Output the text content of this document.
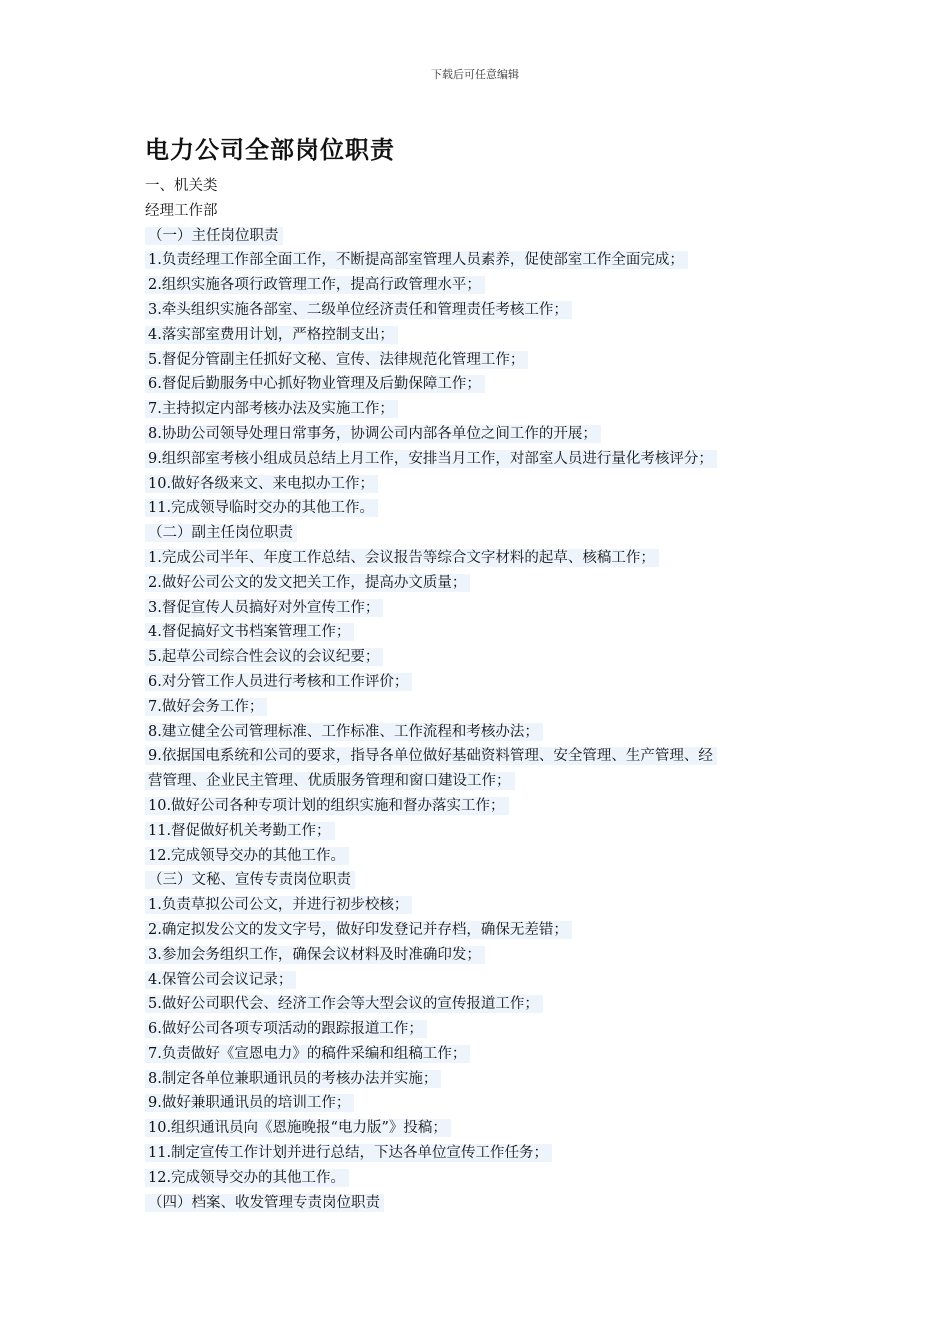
下载后可任意编辑
电力公司全部岗位职责
一、机关类
经理工作部
（一）主任岗位职责
1.负责经理工作部全面工作，不断提高部室管理人员素养，促使部室工作全面完成；
2.组织实施各项行政管理工作，提高行政管理水平；
3.牵头组织实施各部室、二级单位经济责任和管理责任考核工作；
4.落实部室费用计划，严格控制支出；
5.督促分管副主任抓好文秘、宣传、法律规范化管理工作；
6.督促后勤服务中心抓好物业管理及后勤保障工作；
7.主持拟定内部考核办法及实施工作；
8.协助公司领导处理日常事务，协调公司内部各单位之间工作的开展；
9.组织部室考核小组成员总结上月工作，安排当月工作，对部室人员进行量化考核评分；
10.做好各级来文、来电拟办工作；
11.完成领导临时交办的其他工作。
（二）副主任岗位职责
1.完成公司半年、年度工作总结、会议报告等综合文字材料的起草、核稿工作；
2.做好公司公文的发文把关工作，提高办文质量；
3.督促宣传人员搞好对外宣传工作；
4.督促搞好文书档案管理工作；
5.起草公司综合性会议的会议纪要；
6.对分管工作人员进行考核和工作评价；
7.做好会务工作；
8.建立健全公司管理标准、工作标准、工作流程和考核办法；
9.依据国电系统和公司的要求，指导各单位做好基础资料管理、安全管理、生产管理、经
营管理、企业民主管理、优质服务管理和窗口建设工作；
10.做好公司各种专项计划的组织实施和督办落实工作；
11.督促做好机关考勤工作；
12.完成领导交办的其他工作。
（三）文秘、宣传专责岗位职责
1.负责草拟公司公文，并进行初步校核；
2.确定拟发公文的发文字号，做好印发登记并存档，确保无差错；
3.参加会务组织工作，确保会议材料及时准确印发；
4.保管公司会议记录；
5.做好公司职代会、经济工作会等大型会议的宣传报道工作；
6.做好公司各项专项活动的跟踪报道工作；
7.负责做好《宣恩电力》的稿件采编和组稿工作；
8.制定各单位兼职通讯员的考核办法并实施；
9.做好兼职通讯员的培训工作；
10.组织通讯员向《恩施晚报“电力版”》投稿；
11.制定宣传工作计划并进行总结，下达各单位宣传工作任务；
12.完成领导交办的其他工作。
（四）档案、收发管理专责岗位职责
